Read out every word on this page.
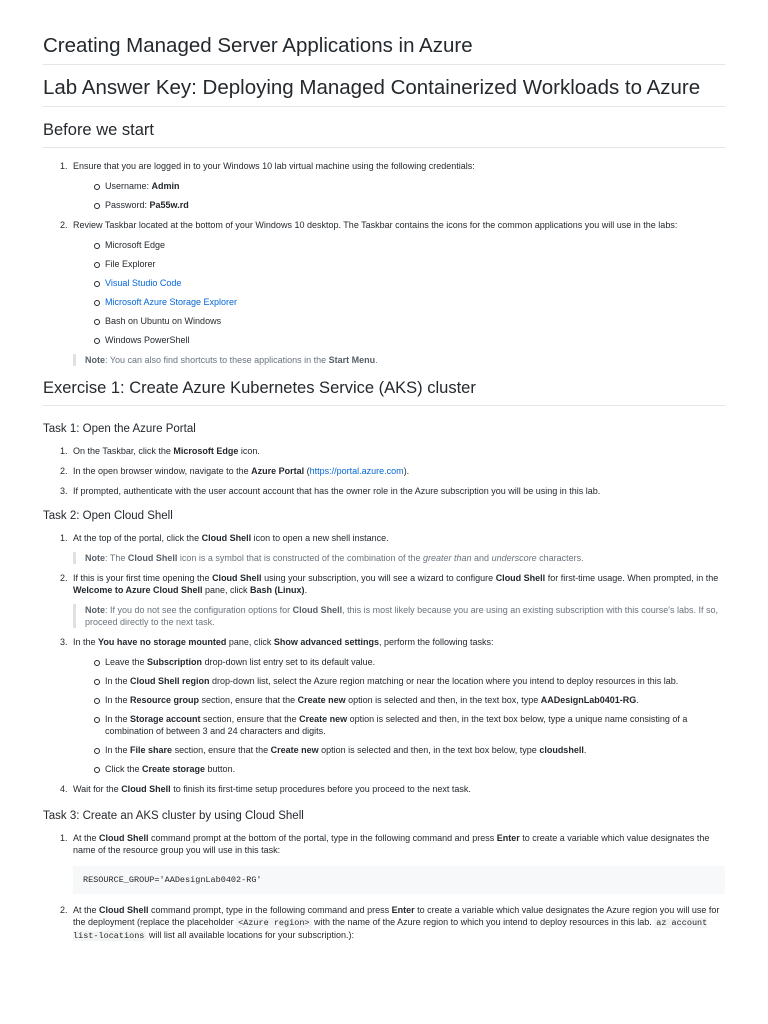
Creating Managed Server Applications in Azure
Lab Answer Key: Deploying Managed Containerized Workloads to Azure
Before we start
1. Ensure that you are logged in to your Windows 10 lab virtual machine using the following credentials:
Username: Admin
Password: Pa55w.rd
2. Review Taskbar located at the bottom of your Windows 10 desktop. The Taskbar contains the icons for the common applications you will use in the labs:
Microsoft Edge
File Explorer
Visual Studio Code
Microsoft Azure Storage Explorer
Bash on Ubuntu on Windows
Windows PowerShell
Note: You can also find shortcuts to these applications in the Start Menu.
Exercise 1: Create Azure Kubernetes Service (AKS) cluster
Task 1: Open the Azure Portal
1. On the Taskbar, click the Microsoft Edge icon.
2. In the open browser window, navigate to the Azure Portal (https://portal.azure.com).
3. If prompted, authenticate with the user account account that has the owner role in the Azure subscription you will be using in this lab.
Task 2: Open Cloud Shell
1. At the top of the portal, click the Cloud Shell icon to open a new shell instance.
Note: The Cloud Shell icon is a symbol that is constructed of the combination of the greater than and underscore characters.
2. If this is your first time opening the Cloud Shell using your subscription, you will see a wizard to configure Cloud Shell for first-time usage. When prompted, in the Welcome to Azure Cloud Shell pane, click Bash (Linux).
Note: If you do not see the configuration options for Cloud Shell, this is most likely because you are using an existing subscription with this course's labs. If so, proceed directly to the next task.
3. In the You have no storage mounted pane, click Show advanced settings, perform the following tasks:
Leave the Subscription drop-down list entry set to its default value.
In the Cloud Shell region drop-down list, select the Azure region matching or near the location where you intend to deploy resources in this lab.
In the Resource group section, ensure that the Create new option is selected and then, in the text box, type AADesignLab0401-RG.
In the Storage account section, ensure that the Create new option is selected and then, in the text box below, type a unique name consisting of a combination of between 3 and 24 characters and digits.
In the File share section, ensure that the Create new option is selected and then, in the text box below, type cloudshell.
Click the Create storage button.
4. Wait for the Cloud Shell to finish its first-time setup procedures before you proceed to the next task.
Task 3: Create an AKS cluster by using Cloud Shell
1. At the Cloud Shell command prompt at the bottom of the portal, type in the following command and press Enter to create a variable which value designates the name of the resource group you will use in this task:
RESOURCE_GROUP='AADesignLab0402-RG'
2. At the Cloud Shell command prompt, type in the following command and press Enter to create a variable which value designates the Azure region you will use for the deployment (replace the placeholder <Azure region> with the name of the Azure region to which you intend to deploy resources in this lab. az account list-locations will list all available locations for your subscription.):
